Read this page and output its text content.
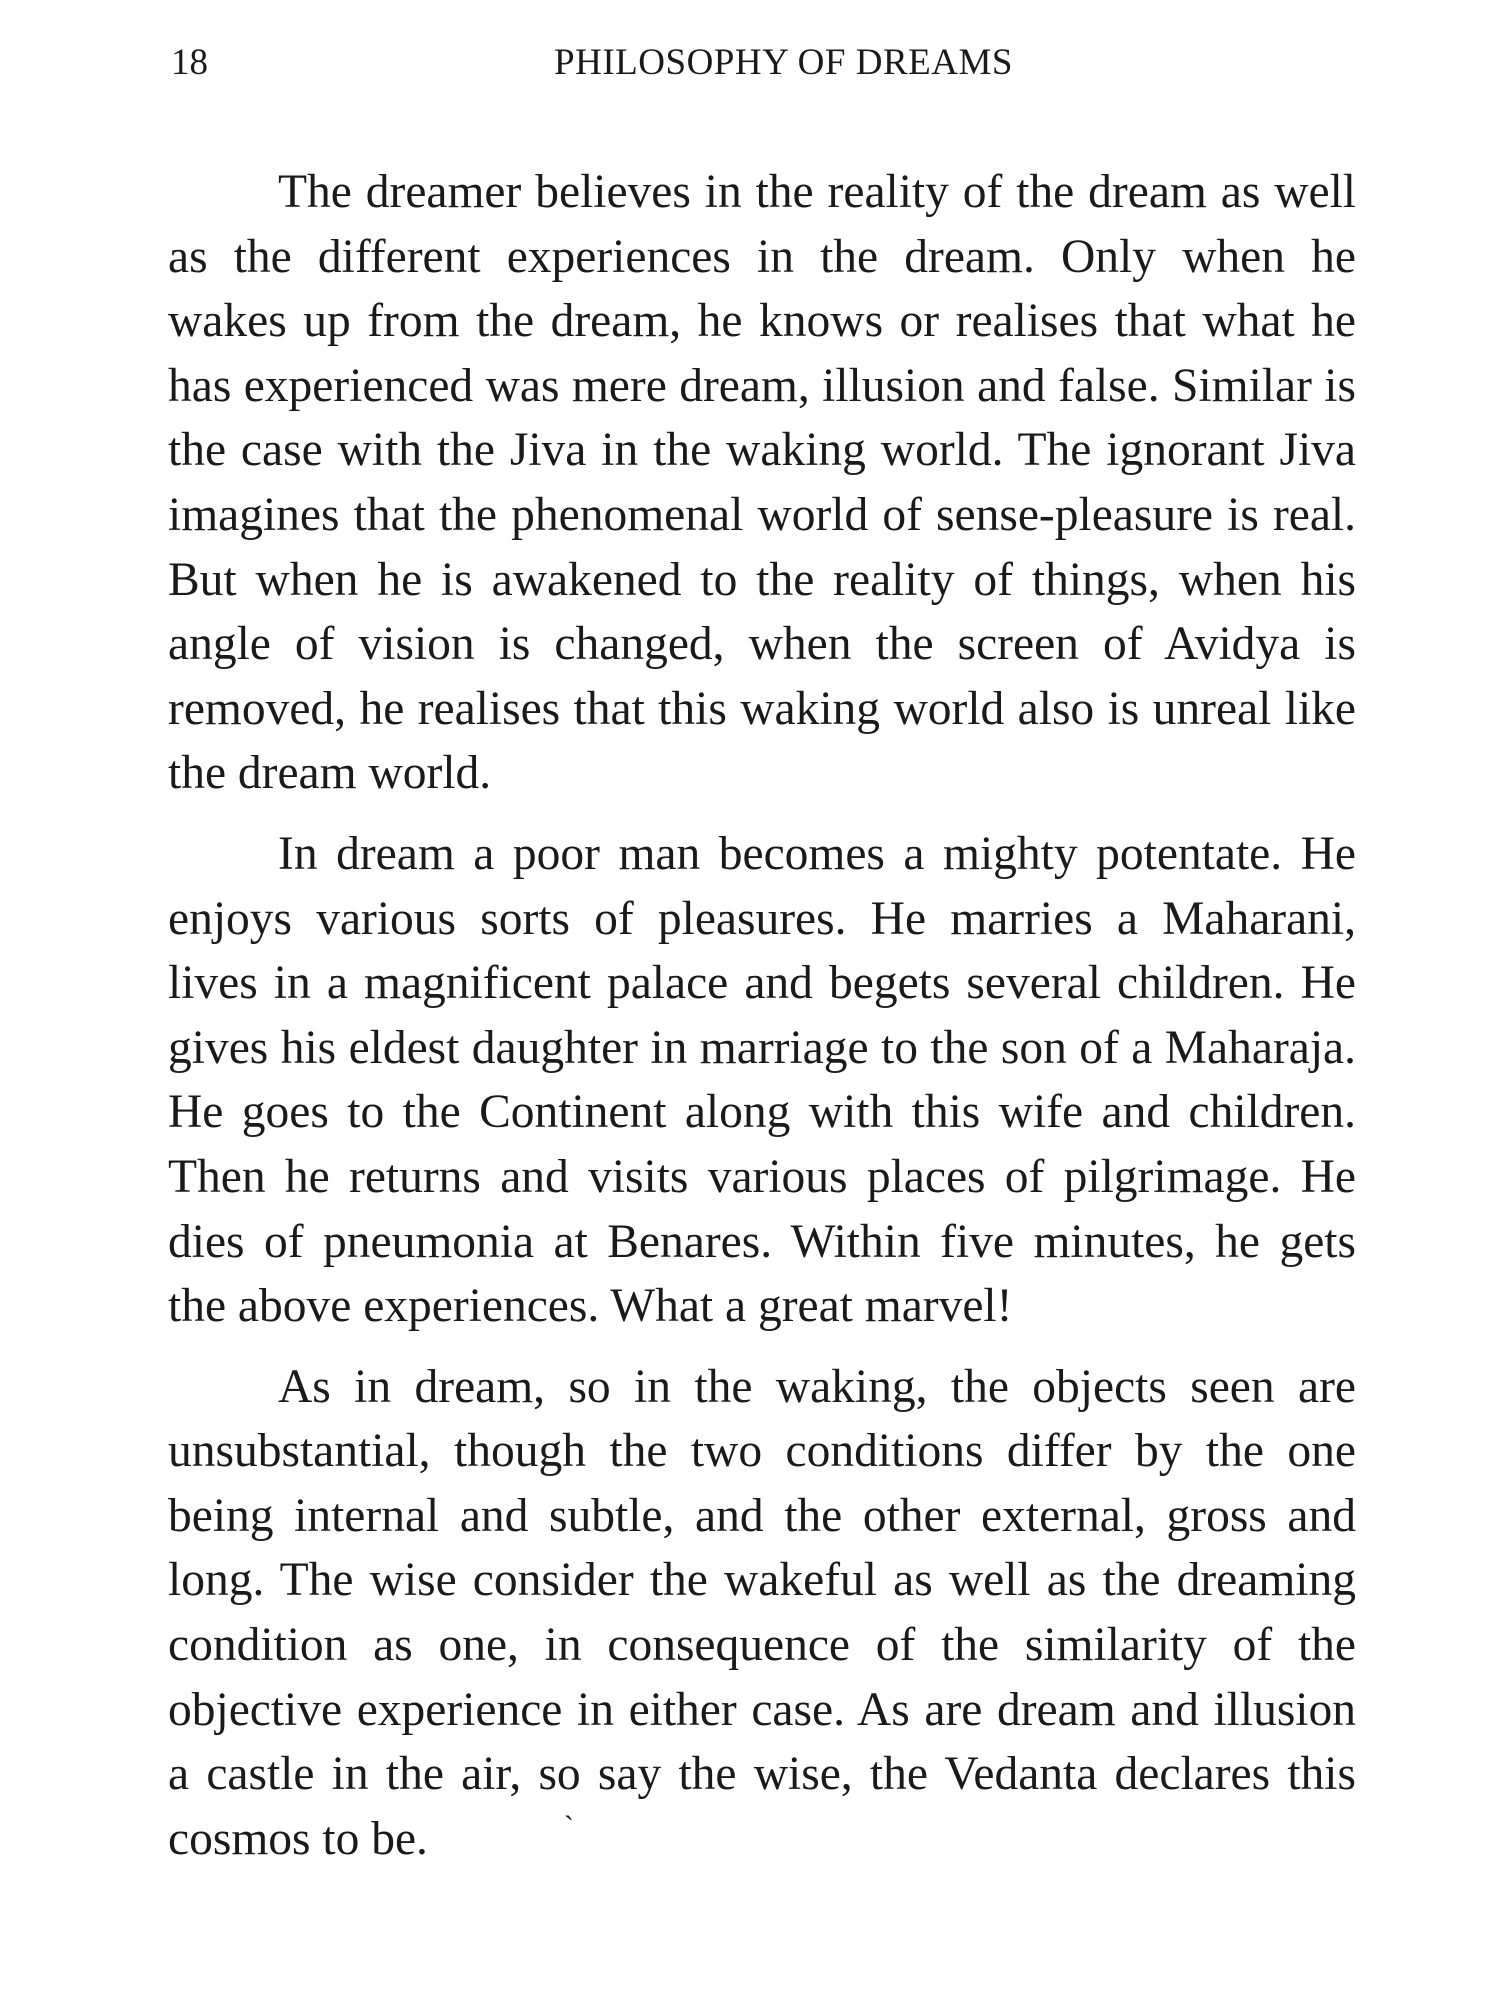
18	PHILOSOPHY OF DREAMS

The dreamer believes in the reality of the dream as well as the different experiences in the dream. Only when he wakes up from the dream, he knows or realises that what he has experienced was mere dream, illusion and false. Similar is the case with the Jiva in the waking world. The ignorant Jiva imagines that the phenomenal world of sense-pleasure is real. But when he is awakened to the reality of things, when his angle of vision is changed, when the screen of Avidya is removed, he realises that this waking world also is unreal like the dream world.

In dream a poor man becomes a mighty potentate. He enjoys various sorts of pleasures. He marries a Maharani, lives in a magnificent palace and begets several children. He gives his eldest daughter in marriage to the son of a Maharaja. He goes to the Continent along with this wife and children. Then he returns and visits various places of pilgrimage. He dies of pneumonia at Benares. Within five minutes, he gets the above experiences. What a great marvel!

As in dream, so in the waking, the objects seen are unsubstantial, though the two conditions differ by the one being internal and subtle, and the other external, gross and long. The wise consider the wakeful as well as the dreaming condition as one, in consequence of the similarity of the objective experience in either case. As are dream and illusion a castle in the air, so say the wise, the Vedanta declares this cosmos to be.	`
